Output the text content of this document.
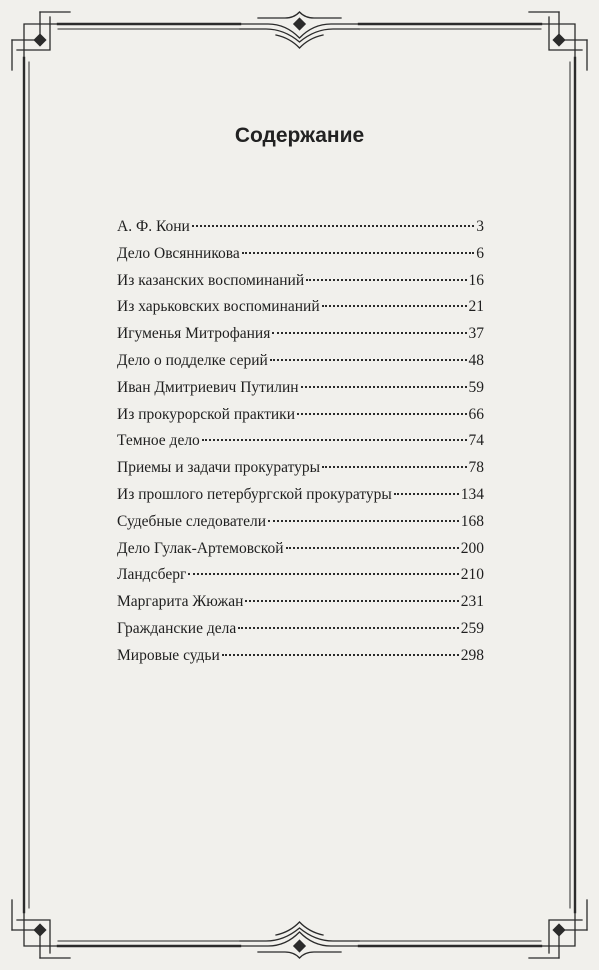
Содержание
А. Ф. Кони	3
Дело Овсянникова	6
Из казанских воспоминаний	16
Из харьковских воспоминаний	21
Игуменья Митрофания	37
Дело о подделке серий	48
Иван Дмитриевич Путилин	59
Из прокурорской практики	66
Темное дело	74
Приемы и задачи прокуратуры	78
Из прошлого петербургской прокуратуры	134
Судебные следователи	168
Дело Гулак-Артемовской	200
Ландсберг	210
Маргарита Жюжан	231
Гражданские дела	259
Мировые судьи	298
